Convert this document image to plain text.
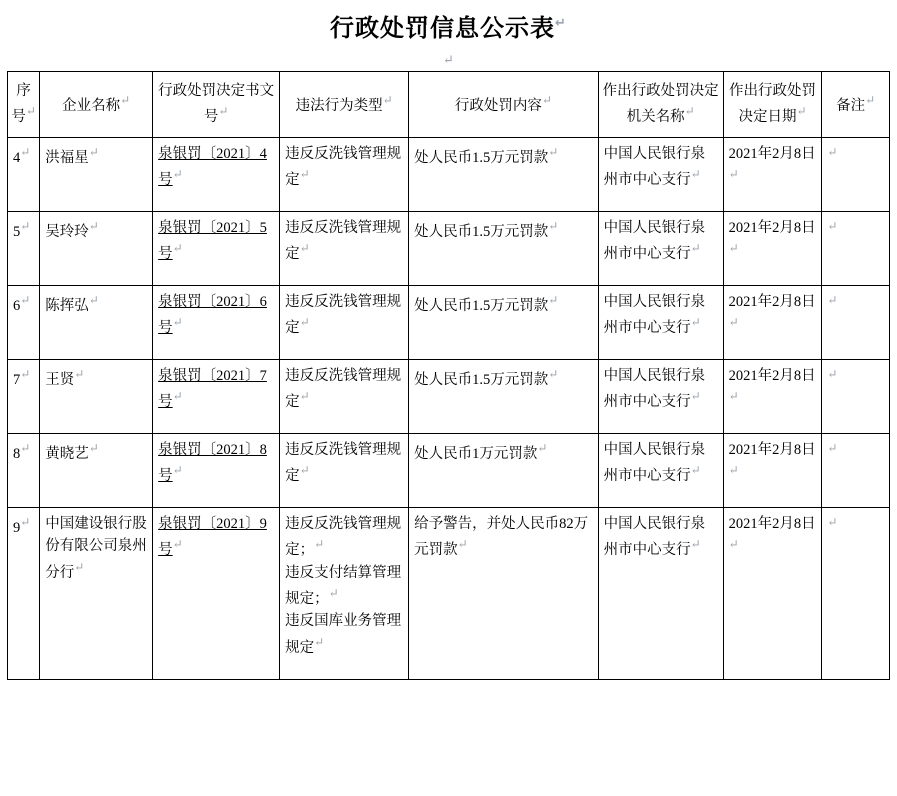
行政处罚信息公示表↵
↵
序号↵	企业名称↵	行政处罚决定书文号↵	违法行为类型↵	行政处罚内容↵	作出行政处罚决定机关名称↵	作出行政处罚决定日期↵	备注↵
4↵	洪福星↵	泉银罚〔2021〕4号↵	违反反洗钱管理规定↵	处人民币1.5万元罚款↵	中国人民银行泉州市中心支行↵	2021年2月8日↵	↵
5↵	吴玲玲↵	泉银罚〔2021〕5号↵	违反反洗钱管理规定↵	处人民币1.5万元罚款↵	中国人民银行泉州市中心支行↵	2021年2月8日↵	↵
6↵	陈挥弘↵	泉银罚〔2021〕6号↵	违反反洗钱管理规定↵	处人民币1.5万元罚款↵	中国人民银行泉州市中心支行↵	2021年2月8日↵	↵
7↵	王贤↵	泉银罚〔2021〕7号↵	违反反洗钱管理规定↵	处人民币1.5万元罚款↵	中国人民银行泉州市中心支行↵	2021年2月8日↵	↵
8↵	黄晓艺↵	泉银罚〔2021〕8号↵	违反反洗钱管理规定↵	处人民币1万元罚款↵	中国人民银行泉州市中心支行↵	2021年2月8日↵	↵
9↵	中国建设银行股份有限公司泉州分行↵	泉银罚〔2021〕9号↵	违反反洗钱管理规定；↵
违反支付结算管理规定；↵
违反国库业务管理规定↵	给予警告，并处人民币82万元罚款↵	中国人民银行泉州市中心支行↵	2021年2月8日↵	↵
